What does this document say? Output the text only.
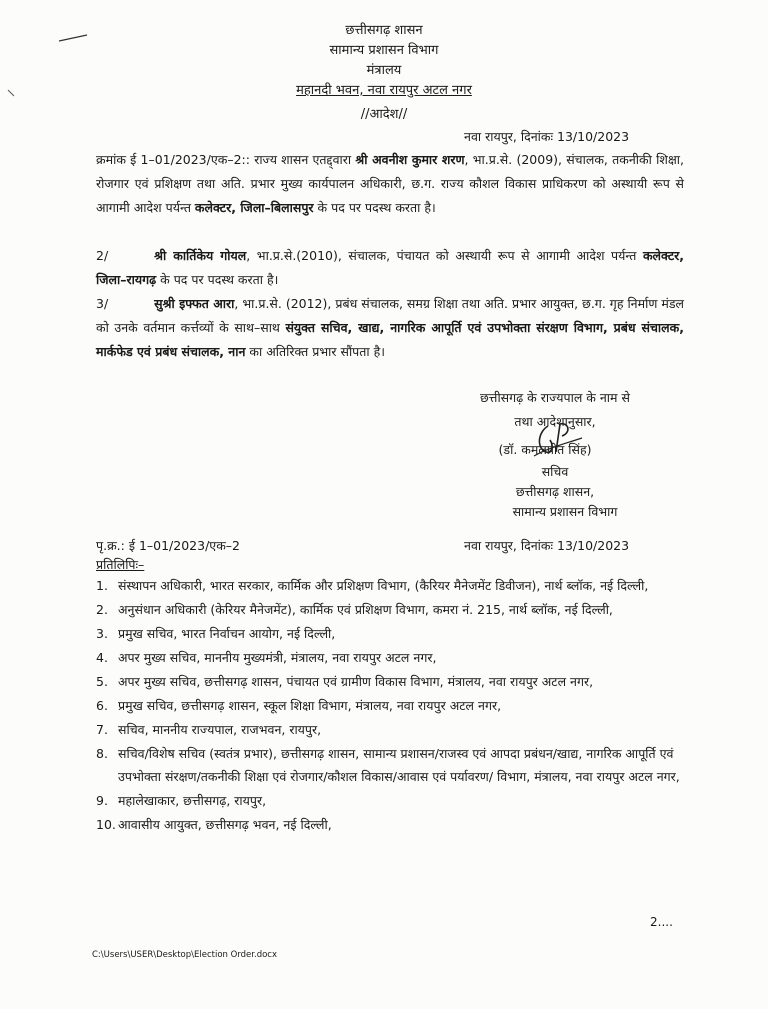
छत्तीसगढ़ शासन
सामान्य प्रशासन विभाग
मंत्रालय
महानदी भवन, नवा रायपुर अटल नगर
//आदेश//
नवा रायपुर, दिनांकः 13/10/2023
क्रमांक ई 1–01/2023/एक–2:: राज्य शासन एतद्द्वारा श्री अवनीश कुमार शरण, भा.प्र.से. (2009), संचालक, तकनीकी शिक्षा, रोजगार एवं प्रशिक्षण तथा अति. प्रभार मुख्य कार्यपालन अधिकारी, छ.ग. राज्य कौशल विकास प्राधिकरण को अस्थायी रूप से आगामी आदेश पर्यन्त कलेक्टर, जिला–बिलासपुर के पद पर पदस्थ करता है।
2/	श्री कार्तिकेय गोयल, भा.प्र.से.(2010), संचालक, पंचायत को अस्थायी रूप से आगामी आदेश पर्यन्त कलेक्टर, जिला–रायगढ़ के पद पर पदस्थ करता है।
3/	सुश्री इफ्फत आरा, भा.प्र.से. (2012), प्रबंध संचालक, समग्र शिक्षा तथा अति. प्रभार आयुक्त, छ.ग. गृह निर्माण मंडल को उनके वर्तमान कर्त्तव्यों के साथ–साथ संयुक्त सचिव, खाद्य, नागरिक आपूर्ति एवं उपभोक्ता संरक्षण विभाग, प्रबंध संचालक, मार्कफेड एवं प्रबंध संचालक, नान का अतिरिक्त प्रभार सौंपता है।
छत्तीसगढ़ के राज्यपाल के नाम से
तथा आदेशानुसार,
(डॉ. कमलप्रीत सिंह)
सचिव
छत्तीसगढ़ शासन,
सामान्य प्रशासन विभाग
पृ.क्र.: ई 1–01/2023/एक–2	नवा रायपुर, दिनांकः 13/10/2023
प्रतिलिपिः–
1. संस्थापन अधिकारी, भारत सरकार, कार्मिक और प्रशिक्षण विभाग, (कैरियर मैनेजमेंट डिवीजन), नार्थ ब्लॉक, नई दिल्ली,
2. अनुसंधान अधिकारी (केरियर मैनेजमेंट), कार्मिक एवं प्रशिक्षण विभाग, कमरा नं. 215, नार्थ ब्लॉक, नई दिल्ली,
3. प्रमुख सचिव, भारत निर्वाचन आयोग, नई दिल्ली,
4. अपर मुख्य सचिव, माननीय मुख्यमंत्री, मंत्रालय, नवा रायपुर अटल नगर,
5. अपर मुख्य सचिव, छत्तीसगढ़ शासन, पंचायत एवं ग्रामीण विकास विभाग, मंत्रालय, नवा रायपुर अटल नगर,
6. प्रमुख सचिव, छत्तीसगढ़ शासन, स्कूल शिक्षा विभाग, मंत्रालय, नवा रायपुर अटल नगर,
7. सचिव, माननीय राज्यपाल, राजभवन, रायपुर,
8. सचिव/विशेष सचिव (स्वतंत्र प्रभार), छत्तीसगढ़ शासन, सामान्य प्रशासन/राजस्व एवं आपदा प्रबंधन/खाद्य, नागरिक आपूर्ति एवं उपभोक्ता संरक्षण/तकनीकी शिक्षा एवं रोजगार/कौशल विकास/आवास एवं पर्यावरण/ विभाग, मंत्रालय, नवा रायपुर अटल नगर,
9. महालेखाकार, छत्तीसगढ़, रायपुर,
10. आवासीय आयुक्त, छत्तीसगढ़ भवन, नई दिल्ली,
2....
C:\Users\USER\Desktop\Election Order.docx
